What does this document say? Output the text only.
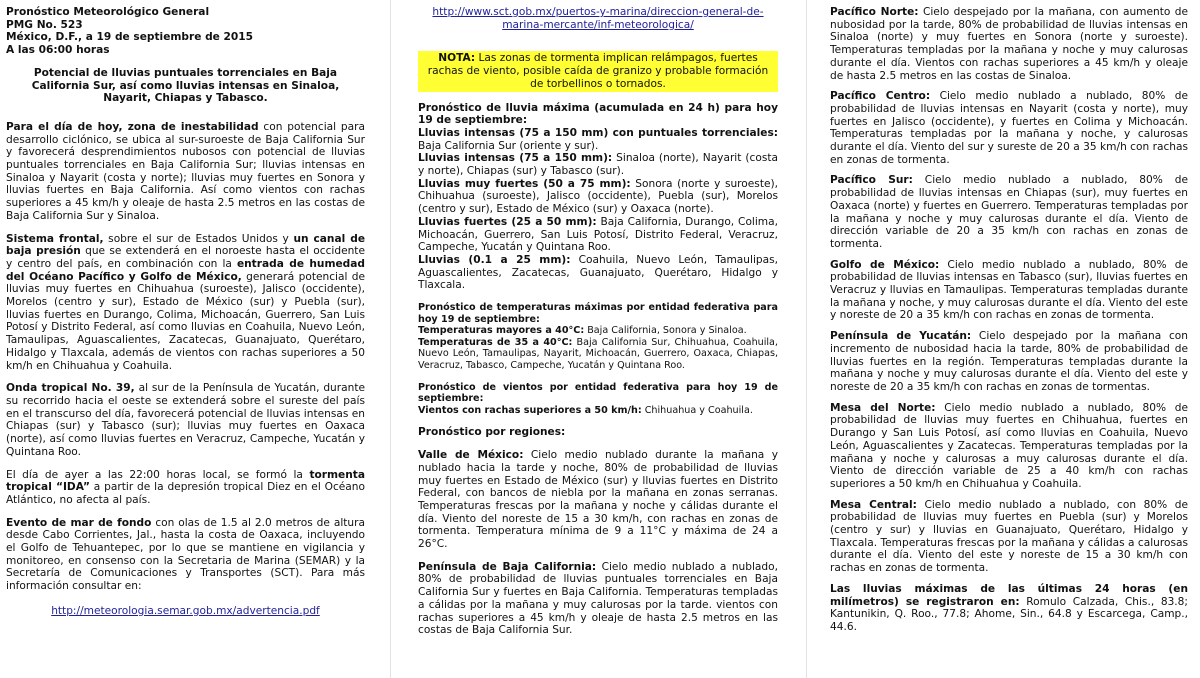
Pronóstico Meteorológico General

PMG No. 523

México, D.F., a 19 de septiembre de 2015

A las 06:00 horas

Potencial de lluvias puntuales torrenciales en Baja California Sur, así como lluvias intensas en Sinaloa, Nayarit, Chiapas y Tabasco.

Para el día de hoy, zona de inestabilidad con potencial para desarrollo ciclónico, se ubica al sur-suroeste de Baja California Sur y favorecerá desprendimientos nubosos con potencial de lluvias puntuales torrenciales en Baja California Sur; lluvias intensas en Sinaloa y Nayarit (costa y norte); lluvias muy fuertes en Sonora y lluvias fuertes en Baja California. Así como vientos con rachas superiores a 45 km/h y oleaje de hasta 2.5 metros en las costas de Baja California Sur y Sinaloa.

Sistema frontal, sobre el sur de Estados Unidos y un canal de baja presión que se extenderá en el noroeste hasta el occidente y centro del país, en combinación con la entrada de humedad del Océano Pacífico y Golfo de México, generará potencial de lluvias muy fuertes en Chihuahua (suroeste), Jalisco (occidente), Morelos (centro y sur), Estado de México (sur) y Puebla (sur), lluvias fuertes en Durango, Colima, Michoacán, Guerrero, San Luis Potosí y Distrito Federal, así como lluvias en Coahuila, Nuevo León, Tamaulipas, Aguascalientes, Zacatecas, Guanajuato, Querétaro, Hidalgo y Tlaxcala, además de vientos con rachas superiores a 50 km/h en Chihuahua y Coahuila.

Onda tropical No. 39, al sur de la Península de Yucatán, durante su recorrido hacia el oeste se extenderá sobre el sureste del país en el transcurso del día, favorecerá potencial de lluvias intensas en Chiapas (sur) y Tabasco (sur); lluvias muy fuertes en Oaxaca (norte), así como lluvias fuertes en Veracruz, Campeche, Yucatán y Quintana Roo.

El día de ayer a las 22:00 horas local, se formó la tormenta tropical “IDA” a partir de la depresión tropical Diez en el Océano Atlántico, no afecta al país.

Evento de mar de fondo con olas de 1.5 al 2.0 metros de altura desde Cabo Corrientes, Jal., hasta la costa de Oaxaca, incluyendo el Golfo de Tehuantepec, por lo que se mantiene en vigilancia y monitoreo, en consenso con la Secretaria de Marina (SEMAR) y la Secretaría de Comunicaciones y Transportes (SCT). Para más información consultar en:

http://meteorologia.semar.gob.mx/advertencia.pdf

http://www.sct.gob.mx/puertos-y-marina/direccion-general-de-marina-mercante/inf-meteorologica/

NOTA: Las zonas de tormenta implican relámpagos, fuertes rachas de viento, posible caída de granizo y probable formación de torbellinos o tornados.

Pronóstico de lluvia máxima (acumulada en 24 h) para hoy 19 de septiembre:

Lluvias intensas (75 a 150 mm) con puntuales torrenciales: Baja California Sur (oriente y sur).

Lluvias intensas (75 a 150 mm): Sinaloa (norte), Nayarit (costa y norte), Chiapas (sur) y Tabasco (sur).

Lluvias muy fuertes (50 a 75 mm): Sonora (norte y suroeste), Chihuahua (suroeste), Jalisco (occidente), Puebla (sur), Morelos (centro y sur), Estado de México (sur) y Oaxaca (norte).

Lluvias fuertes (25 a 50 mm): Baja California, Durango, Colima, Michoacán, Guerrero, San Luis Potosí, Distrito Federal, Veracruz, Campeche, Yucatán y Quintana Roo.

Lluvias (0.1 a 25 mm): Coahuila, Nuevo León, Tamaulipas, Aguascalientes, Zacatecas, Guanajuato, Querétaro, Hidalgo y Tlaxcala.

Pronóstico de temperaturas máximas por entidad federativa para hoy 19 de septiembre:

Temperaturas mayores a 40°C: Baja California, Sonora y Sinaloa.

Temperaturas de 35 a 40°C: Baja California Sur, Chihuahua, Coahuila, Nuevo León, Tamaulipas, Nayarit, Michoacán, Guerrero, Oaxaca, Chiapas, Veracruz, Tabasco, Campeche, Yucatán y Quintana Roo.

Pronóstico de vientos por entidad federativa para hoy 19 de septiembre:

Vientos con rachas superiores a 50 km/h: Chihuahua y Coahuila.

Pronóstico por regiones:

Valle de México: Cielo medio nublado durante la mañana y nublado hacia la tarde y noche, 80% de probabilidad de lluvias muy fuertes en Estado de México (sur) y lluvias fuertes en Distrito Federal, con bancos de niebla por la mañana en zonas serranas. Temperaturas frescas por la mañana y noche y cálidas durante el día. Viento del noreste de 15 a 30 km/h, con rachas en zonas de tormenta. Temperatura mínima de 9 a 11°C y máxima de 24 a 26°C.

Península de Baja California: Cielo medio nublado a nublado, 80% de probabilidad de lluvias puntuales torrenciales en Baja California Sur y fuertes en Baja California. Temperaturas templadas a cálidas por la mañana y muy calurosas por la tarde. vientos con rachas superiores a 45 km/h y oleaje de hasta 2.5 metros en las costas de Baja California Sur.

Pacífico Norte: Cielo despejado por la mañana, con aumento de nubosidad por la tarde, 80% de probabilidad de lluvias intensas en Sinaloa (norte) y muy fuertes en Sonora (norte y suroeste). Temperaturas templadas por la mañana y noche y muy calurosas durante el día. Vientos con rachas superiores a 45 km/h y oleaje de hasta 2.5 metros en las costas de Sinaloa.

Pacífico Centro: Cielo medio nublado a nublado, 80% de probabilidad de lluvias intensas en Nayarit (costa y norte), muy fuertes en Jalisco (occidente), y fuertes en Colima y Michoacán. Temperaturas templadas por la mañana y noche, y calurosas durante el día. Viento del sur y sureste de 20 a 35 km/h con rachas en zonas de tormenta.

Pacífico Sur: Cielo medio nublado a nublado, 80% de probabilidad de lluvias intensas en Chiapas (sur), muy fuertes en Oaxaca (norte) y fuertes en Guerrero. Temperaturas templadas por la mañana y noche y muy calurosas durante el día. Viento de dirección variable de 20 a 35 km/h con rachas en zonas de tormenta.

Golfo de México: Cielo medio nublado a nublado, 80% de probabilidad de lluvias intensas en Tabasco (sur), lluvias fuertes en Veracruz y lluvias en Tamaulipas. Temperaturas templadas durante la mañana y noche, y muy calurosas durante el día. Viento del este y noreste de 20 a 35 km/h con rachas en zonas de tormenta.

Península de Yucatán: Cielo despejado por la mañana con incremento de nubosidad hacia la tarde, 80% de probabilidad de lluvias fuertes en la región. Temperaturas templadas durante la mañana y noche y muy calurosas durante el día. Viento del este y noreste de 20 a 35 km/h con rachas en zonas de tormentas.

Mesa del Norte: Cielo medio nublado a nublado, 80% de probabilidad de lluvias muy fuertes en Chihuahua, fuertes en Durango y San Luis Potosí, así como lluvias en Coahuila, Nuevo León, Aguascalientes y Zacatecas. Temperaturas templadas por la mañana y noche y calurosas a muy calurosas durante el día. Viento de dirección variable de 25 a 40 km/h con rachas superiores a 50 km/h en Chihuahua y Coahuila.

Mesa Central: Cielo medio nublado a nublado, con 80% de probabilidad de lluvias muy fuertes en Puebla (sur) y Morelos (centro y sur) y lluvias en Guanajuato, Querétaro, Hidalgo y Tlaxcala. Temperaturas frescas por la mañana y cálidas a calurosas durante el día. Viento del este y noreste de 15 a 30 km/h con rachas en zonas de tormenta.

Las lluvias máximas de las últimas 24 horas (en milímetros) se registraron en: Romulo Calzada, Chis., 83.8; Kantunikin, Q. Roo., 77.8; Ahome, Sin., 64.8 y Escarcega, Camp., 44.6.
